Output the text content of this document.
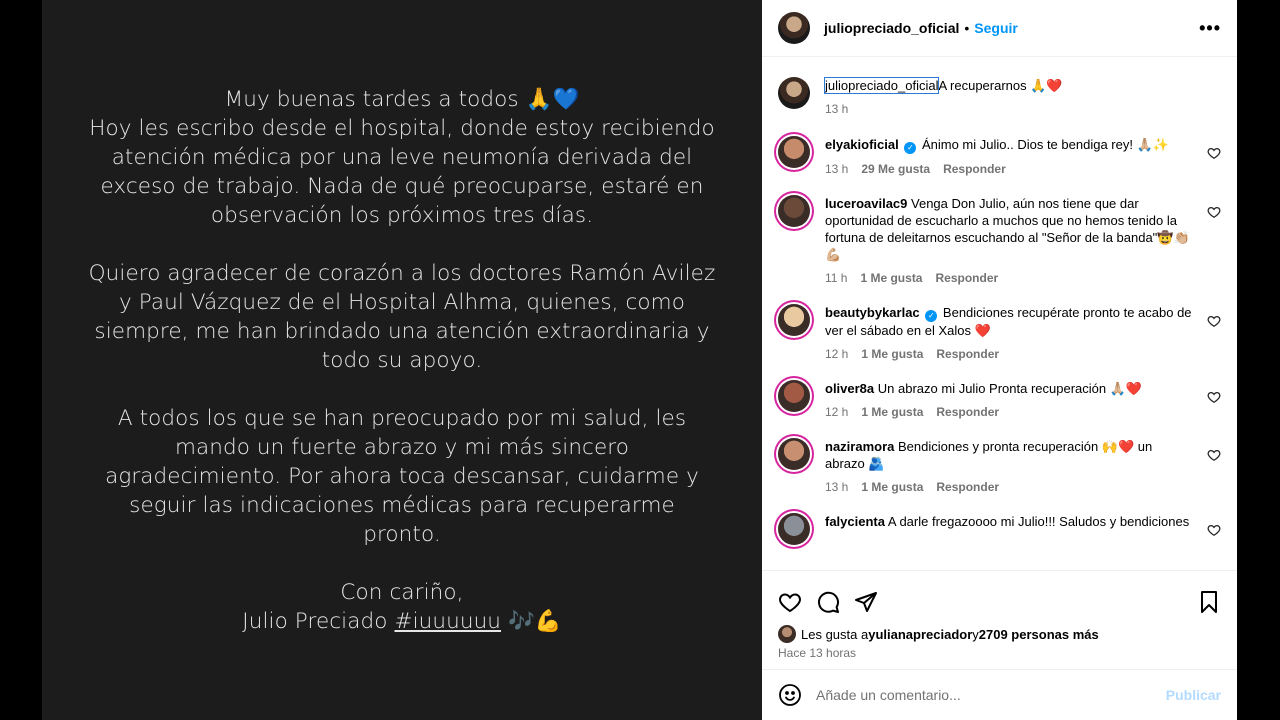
Muy buenas tardes a todos 🙏💙

Hoy les escribo desde el hospital, donde estoy recibiendo atención médica por una leve neumonía derivada del exceso de trabajo. Nada de qué preocuparse, estaré en observación los próximos tres días.

Quiero agradecer de corazón a los doctores Ramón Avilez y Paul Vázquez de el Hospital Alhma, quienes, como siempre, me han brindado una atención extraordinaria y todo su apoyo.

A todos los que se han preocupado por mi salud, les mando un fuerte abrazo y mi más sincero agradecimiento. Por ahora toca descansar, cuidarme y seguir las indicaciones médicas para recuperarme pronto.

Con cariño,

Julio Preciado #iuuuuuu 🎶💪

juliopreciado_oficial • Seguir	•••
juliopreciado_oficialA recuperarnos 🙏❤️
13 h
elyakioficial ✓ Ánimo mi Julio.. Dios te bendiga rey! 🙏🏼✨
13 h 29 Me gusta Responder
luceroavilac9 Venga Don Julio, aún nos tiene que dar oportunidad de escucharlo a muchos que no hemos tenido la fortuna de deleitarnos escuchando al "Señor de la banda"🤠👏🏼💪🏼
11 h 1 Me gusta Responder
beautybykarlac ✓ Bendiciones recupérate pronto te acabo de ver el sábado en el Xalos ❤️
12 h 1 Me gusta Responder
oliver8a Un abrazo mi Julio Pronta recuperación 🙏🏼❤️
12 h 1 Me gusta Responder
naziramora Bendiciones y pronta recuperación 🙌❤️ un abrazo 🫂
13 h 1 Me gusta Responder
falycienta A darle fregazoooo mi Julio!!! Saludos y bendiciones
Les gusta a yulianapreciador y 2709 personas más
Hace 13 horas
Añade un comentario...
Publicar
